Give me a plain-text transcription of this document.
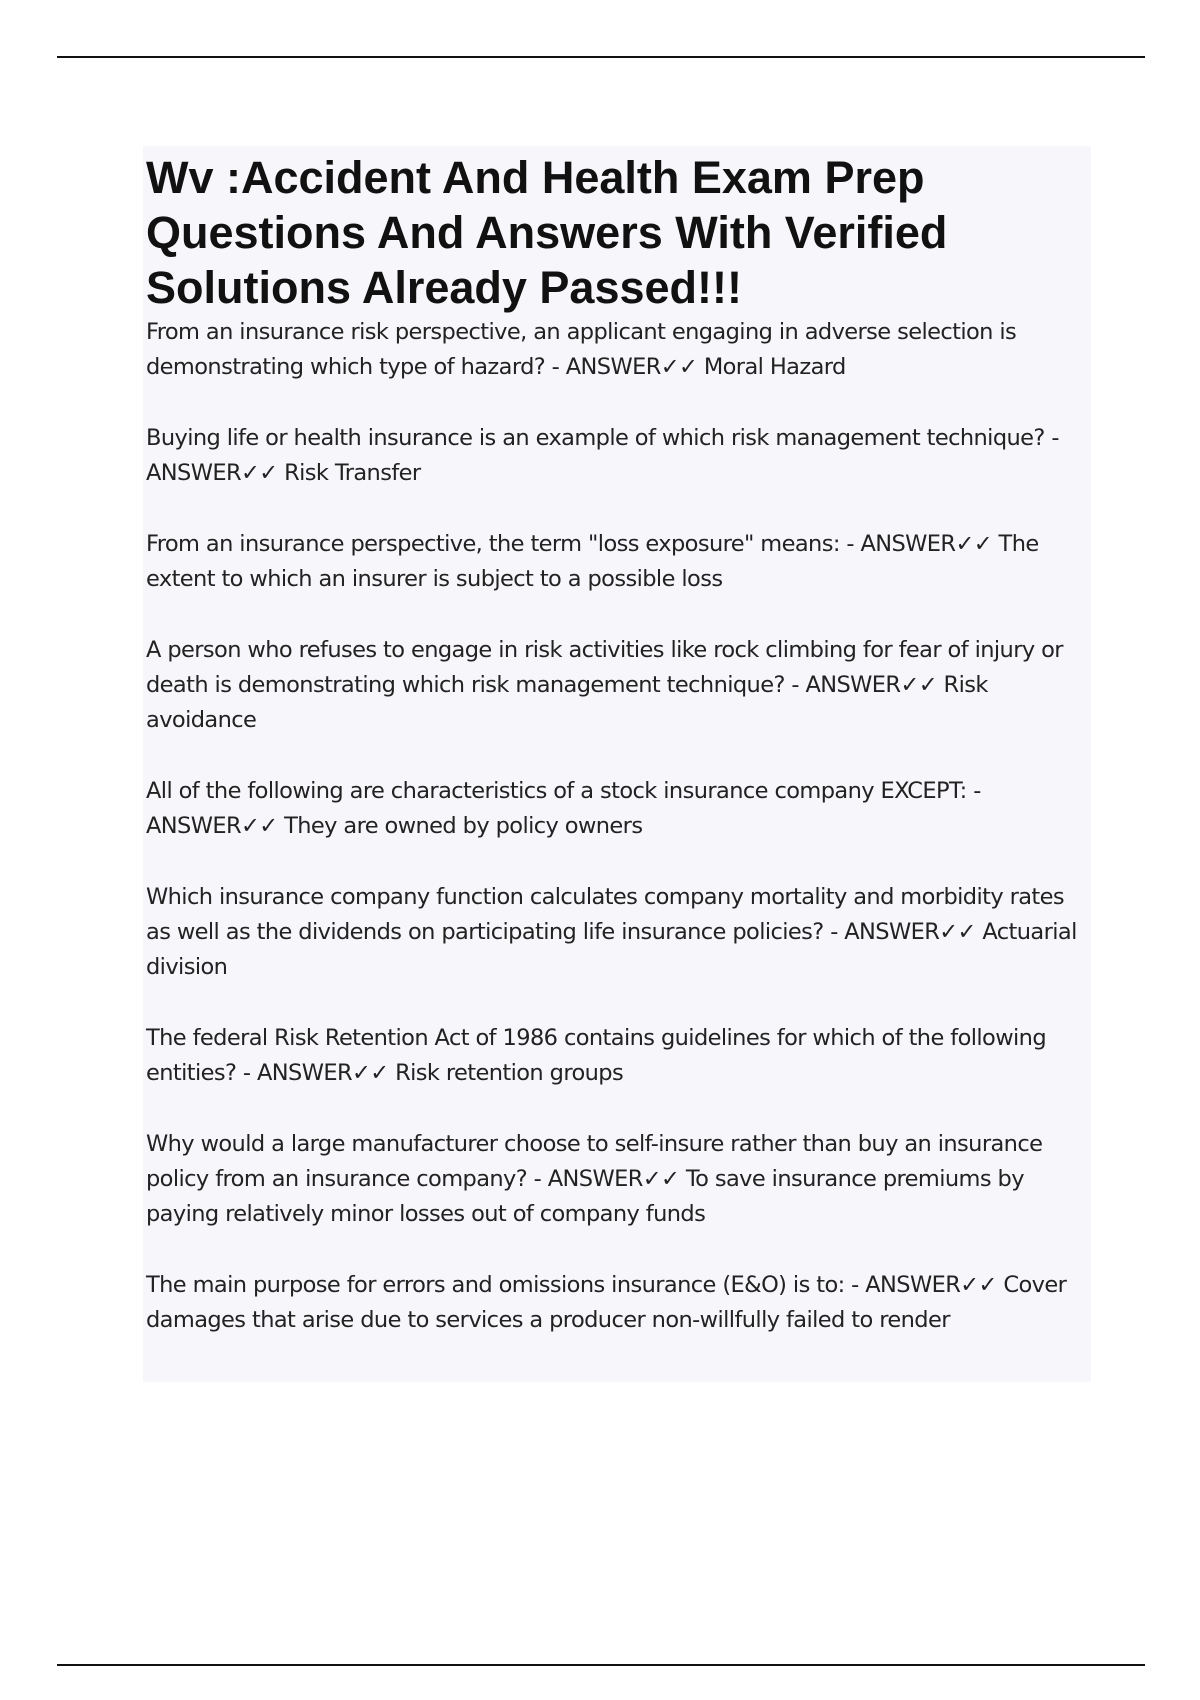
Wv :Accident And Health Exam Prep Questions And Answers With Verified Solutions Already Passed!!!
From an insurance risk perspective, an applicant engaging in adverse selection is demonstrating which type of hazard? - ANSWER✓✓ Moral Hazard
Buying life or health insurance is an example of which risk management technique? - ANSWER✓✓ Risk Transfer
From an insurance perspective, the term "loss exposure" means: - ANSWER✓✓ The extent to which an insurer is subject to a possible loss
A person who refuses to engage in risk activities like rock climbing for fear of injury or death is demonstrating which risk management technique? - ANSWER✓✓ Risk avoidance
All of the following are characteristics of a stock insurance company EXCEPT: - ANSWER✓✓ They are owned by policy owners
Which insurance company function calculates company mortality and morbidity rates as well as the dividends on participating life insurance policies? - ANSWER✓✓ Actuarial division
The federal Risk Retention Act of 1986 contains guidelines for which of the following entities? - ANSWER✓✓ Risk retention groups
Why would a large manufacturer choose to self-insure rather than buy an insurance policy from an insurance company? - ANSWER✓✓ To save insurance premiums by paying relatively minor losses out of company funds
The main purpose for errors and omissions insurance (E&O) is to: - ANSWER✓✓ Cover damages that arise due to services a producer non-willfully failed to render
